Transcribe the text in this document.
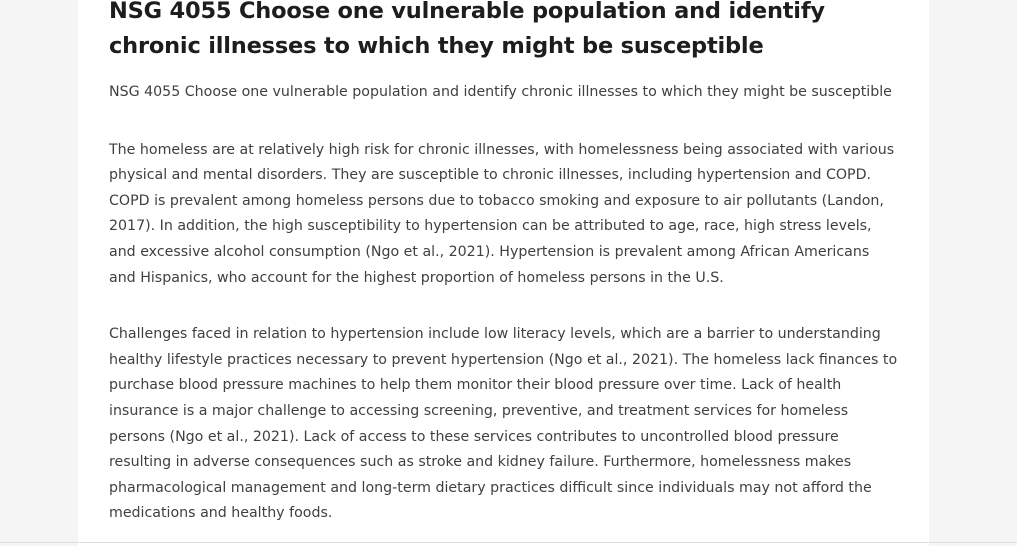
NSG 4055 Choose one vulnerable population and identify chronic illnesses to which they might be susceptible

NSG 4055 Choose one vulnerable population and identify chronic illnesses to which they might be susceptible

The homeless are at relatively high risk for chronic illnesses, with homelessness being associated with various physical and mental disorders. They are susceptible to chronic illnesses, including hypertension and COPD. COPD is prevalent among homeless persons due to tobacco smoking and exposure to air pollutants (Landon, 2017). In addition, the high susceptibility to hypertension can be attributed to age, race, high stress levels, and excessive alcohol consumption (Ngo et al., 2021). Hypertension is prevalent among African Americans and Hispanics, who account for the highest proportion of homeless persons in the U.S.

Challenges faced in relation to hypertension include low literacy levels, which are a barrier to understanding healthy lifestyle practices necessary to prevent hypertension (Ngo et al., 2021). The homeless lack finances to purchase blood pressure machines to help them monitor their blood pressure over time. Lack of health insurance is a major challenge to accessing screening, preventive, and treatment services for homeless persons (Ngo et al., 2021). Lack of access to these services contributes to uncontrolled blood pressure resulting in adverse consequences such as stroke and kidney failure. Furthermore, homelessness makes pharmacological management and long-term dietary practices difficult since individuals may not afford the medications and healthy foods.
